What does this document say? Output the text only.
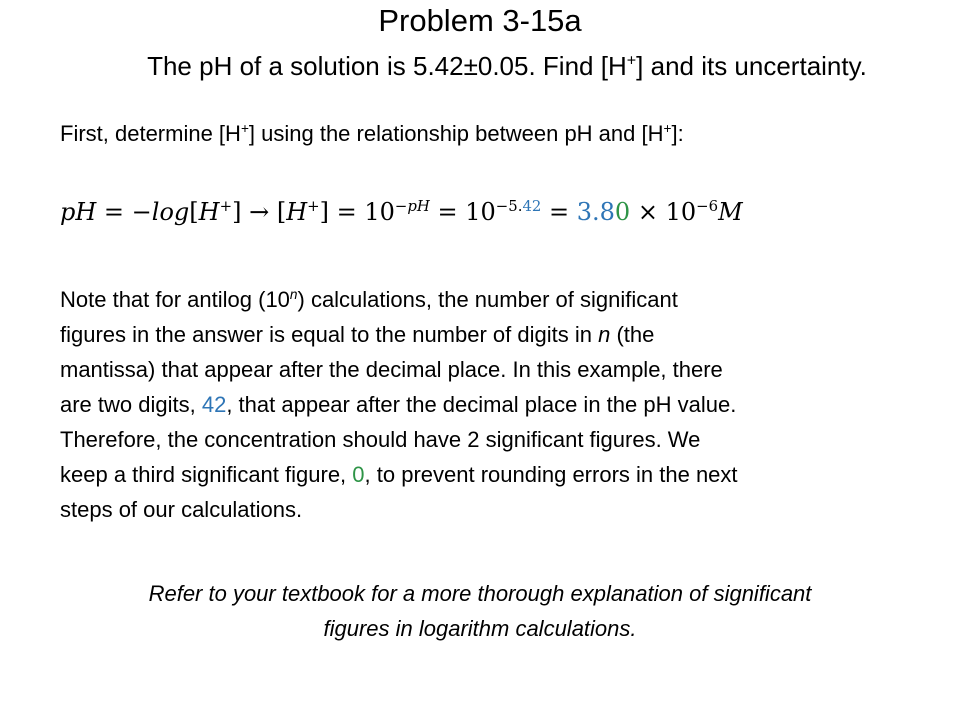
Problem 3-15a
The pH of a solution is 5.42±0.05. Find [H+] and its uncertainty.
First, determine [H+] using the relationship between pH and [H+]:
pH = $-\log[H^+] \to [H^+] = 10^{-pH} = 10^{-5.42} = 3.80 \times 10^{-6}M$
Note that for antilog (10$^n$) calculations, the number of significant
figures in the answer is equal to the number of digits in n (the
mantissa) that appear after the decimal place. In this example, there
are two digits, 42, that appear after the decimal place in the pH value.
Therefore, the concentration should have 2 significant figures. We
keep a third significant figure, 0, to prevent rounding errors in the next
steps of our calculations.
Refer to your textbook for a more thorough explanation of significant
figures in logarithm calculations.
